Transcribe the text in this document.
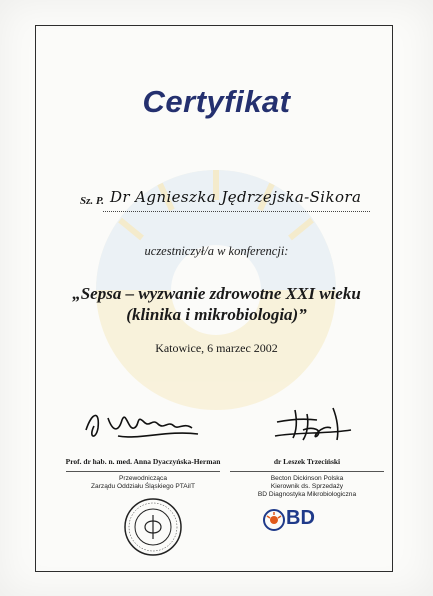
Certyfikat
Sz. P. Dr Agnieszka Jędrzejska-Sikora
uczestniczył/a w konferencji:
„Sepsa – wyzwanie zdrowotne XXI wieku
(klinika i mikrobiologia)”
Katowice, 6 marzec 2002
Prof. dr hab. n. med. Anna Dyaczyńska-Herman
Przewodnicząca
Zarządu Oddziału Śląskiego PTAiIT
dr Leszek Trzeciński
Becton Dickinson Polska
Kierownik ds. Sprzedaży
BD Diagnostyka Mikrobiologiczna
BD
